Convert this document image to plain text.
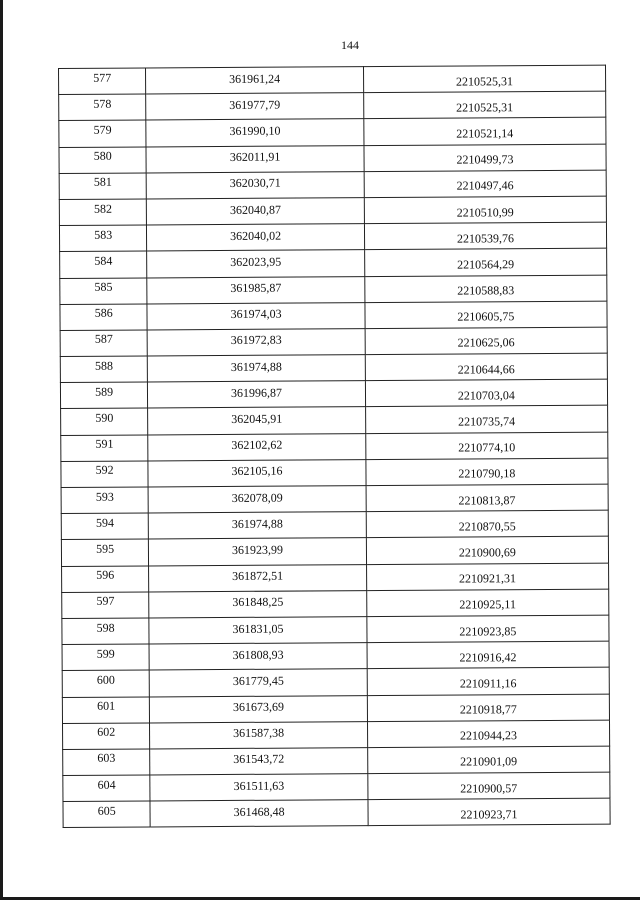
144
577	361961,24	2210525,31
578	361977,79	2210525,31
579	361990,10	2210521,14
580	362011,91	2210499,73
581	362030,71	2210497,46
582	362040,87	2210510,99
583	362040,02	2210539,76
584	362023,95	2210564,29
585	361985,87	2210588,83
586	361974,03	2210605,75
587	361972,83	2210625,06
588	361974,88	2210644,66
589	361996,87	2210703,04
590	362045,91	2210735,74
591	362102,62	2210774,10
592	362105,16	2210790,18
593	362078,09	2210813,87
594	361974,88	2210870,55
595	361923,99	2210900,69
596	361872,51	2210921,31
597	361848,25	2210925,11
598	361831,05	2210923,85
599	361808,93	2210916,42
600	361779,45	2210911,16
601	361673,69	2210918,77
602	361587,38	2210944,23
603	361543,72	2210901,09
604	361511,63	2210900,57
605	361468,48	2210923,71
